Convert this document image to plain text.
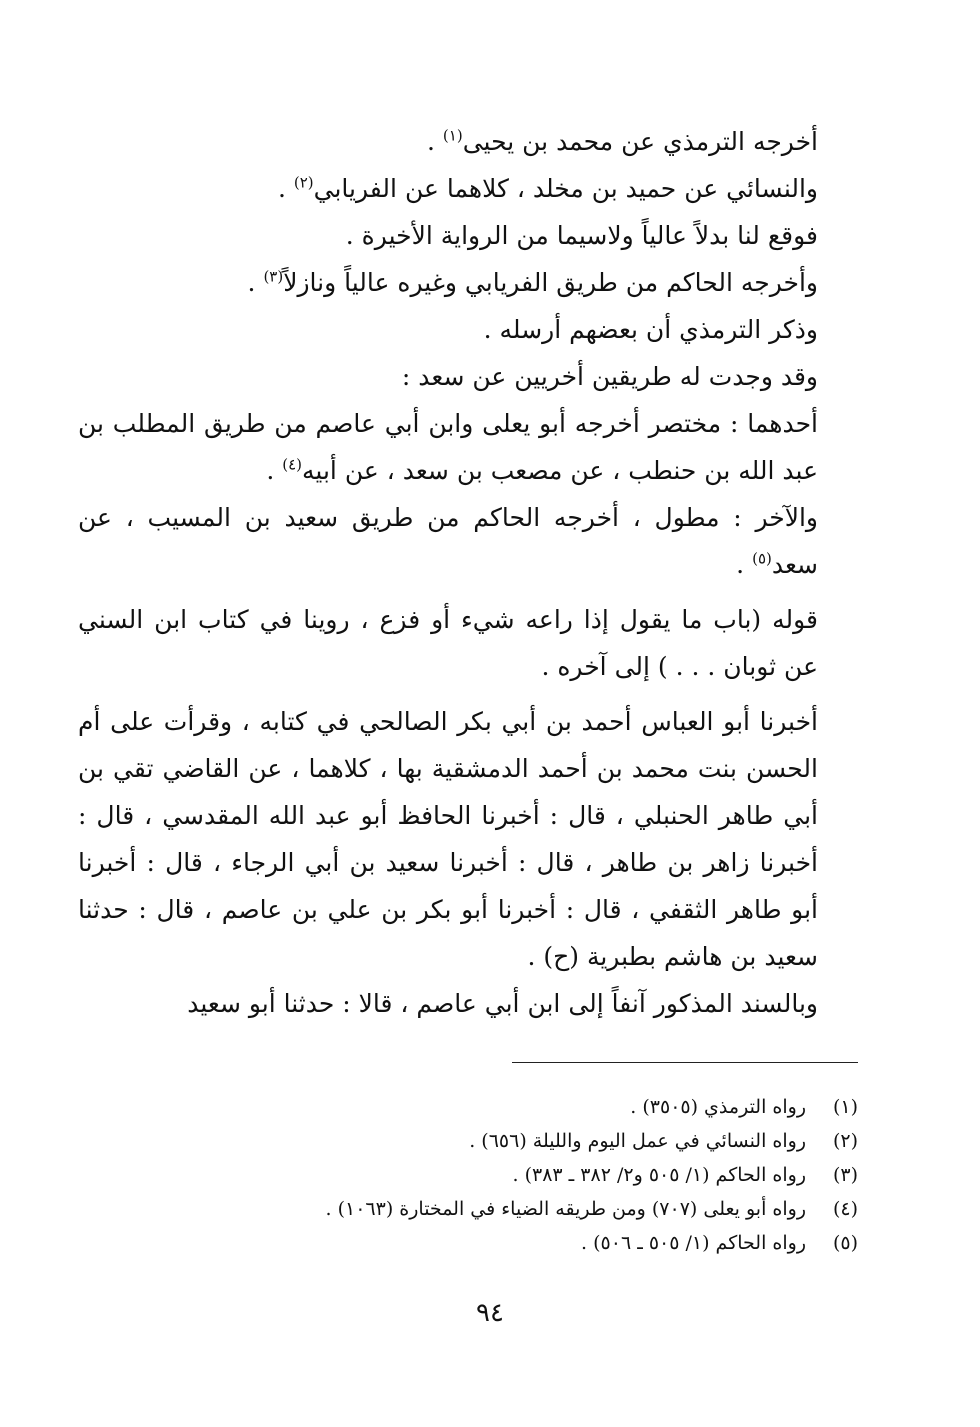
أخرجه الترمذي عن محمد بن يحيى$^{(١)}$ .

والنسائي عن حميد بن مخلد ، كلاهما عن الفريابي$^{(٢)}$ .

فوقع لنا بدلاً عالياً ولاسيما من الرواية الأخيرة .

وأخرجه الحاكم من طريق الفريابي وغيره عالياً ونازلاً$^{(٣)}$ .

وذكر الترمذي أن بعضهم أرسله .

وقد وجدت له طريقين أخريين عن سعد :

أحدهما : مختصر أخرجه أبو يعلى وابن أبي عاصم من طريق المطلب بن عبد الله بن حنطب ، عن مصعب بن سعد ، عن أبيه$^{(٤)}$ .

والآخر : مطول ، أخرجه الحاكم من طريق سعيد بن المسيب ، عن سعد$^{(٥)}$ .

قوله (باب ما يقول إذا راعه شيء أو فزع ، روينا في كتاب ابن السني عن ثوبان . . . ) إلى آخره .

أخبرنا أبو العباس أحمد بن أبي بكر الصالحي في كتابه ، وقرأت على أم الحسن بنت محمد بن أحمد الدمشقية بها ، كلاهما ، عن القاضي تقي بن أبي طاهر الحنبلي ، قال : أخبرنا الحافظ أبو عبد الله المقدسي ، قال : أخبرنا زاهر بن طاهر ، قال : أخبرنا سعيد بن أبي الرجاء ، قال : أخبرنا أبو طاهر الثقفي ، قال : أخبرنا أبو بكر بن علي بن عاصم ، قال : حدثنا سعيد بن هاشم بطبرية (ح) .

وبالسند المذكور آنفاً إلى ابن أبي عاصم ، قالا : حدثنا أبو سعيد

(١)رواه الترمذي (٣٥٠٥) .
(٢)رواه النسائي في عمل اليوم والليلة (٦٥٦) .
(٣)رواه الحاكم (١/ ٥٠٥ و٢/ ٣٨٢ ـ ٣٨٣) .
(٤)رواه أبو يعلى (٧٠٧) ومن طريقه الضياء في المختارة (١٠٦٣) .
(٥)رواه الحاكم (١/ ٥٠٥ ـ ٥٠٦) .
٩٤
